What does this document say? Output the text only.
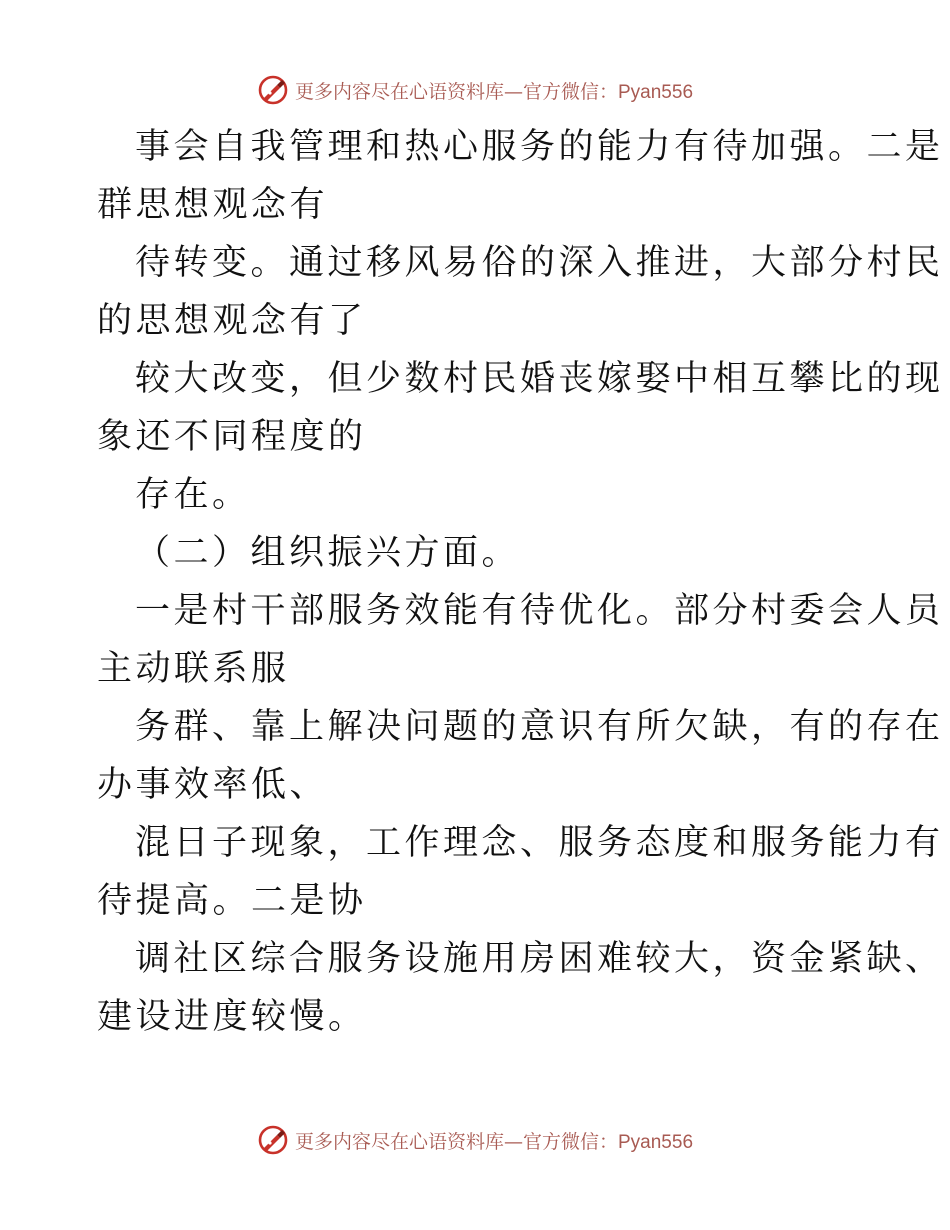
更多内容尽在心语资料库—官方微信：Pyan556

事会自我管理和热心服务的能力有待加强。二是
群思想观念有

待转变。通过移风易俗的深入推进，大部分村民
的思想观念有了

较大改变，但少数村民婚丧嫁娶中相互攀比的现
象还不同程度的

存在。

（二）组织振兴方面。

一是村干部服务效能有待优化。部分村委会人员
主动联系服

务群、靠上解决问题的意识有所欠缺，有的存在
办事效率低、

混日子现象，工作理念、服务态度和服务能力有
待提高。二是协

调社区综合服务设施用房困难较大，资金紧缺、
建设进度较慢。

更多内容尽在心语资料库—官方微信：Pyan556
